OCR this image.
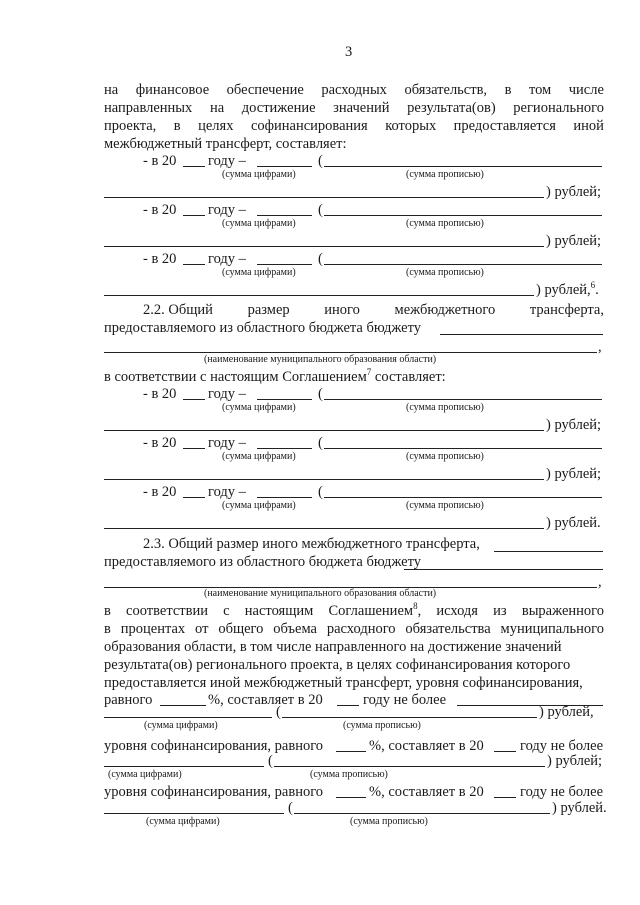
3
на финансовое обеспечение расходных обязательств, в том числе
направленных на достижение значений результата(ов) регионального
проекта, в целях софинансирования которых предоставляется иной
межбюджетный трансферт, составляет:
- в 20 году –	(
(сумма цифрами)	(сумма прописью)
) рублей;
- в 20 году –	(
(сумма цифрами)	(сумма прописью)
) рублей;
- в 20 году –	(
(сумма цифрами)	(сумма прописью)
) рублей,$^6$.
2.2. Общий размер иного межбюджетного трансферта,
предоставляемого из областного бюджета бюджету
,
(наименование муниципального образования области)
в соответствии с настоящим Соглашением$^7$ составляет:
- в 20 году –	(
(сумма цифрами)	(сумма прописью)
) рублей;
- в 20 году –	(
(сумма цифрами)	(сумма прописью)
) рублей;
- в 20 году –	(
(сумма цифрами)	(сумма прописью)
) рублей.
2.3. Общий размер иного межбюджетного трансферта,
предоставляемого из областного бюджета бюджету
,
(наименование муниципального образования области)
в соответствии с настоящим Соглашением$^8$, исходя из выраженного
в процентах от общего объема расходного обязательства муниципального
образования области, в том числе направленного на достижение значений
результата(ов) регионального проекта, в целях софинансирования которого
предоставляется иной межбюджетный трансферт, уровня софинансирования,
равного	%, составляет в 20	году не более
(	) рублей,
(сумма цифрами)	(сумма прописью)
уровня софинансирования, равного	%, составляет в 20	году не более
(	) рублей;
(сумма цифрами)	(сумма прописью)
уровня софинансирования, равного	%, составляет в 20	году не более
(	) рублей.
(сумма цифрами)	(сумма прописью)
